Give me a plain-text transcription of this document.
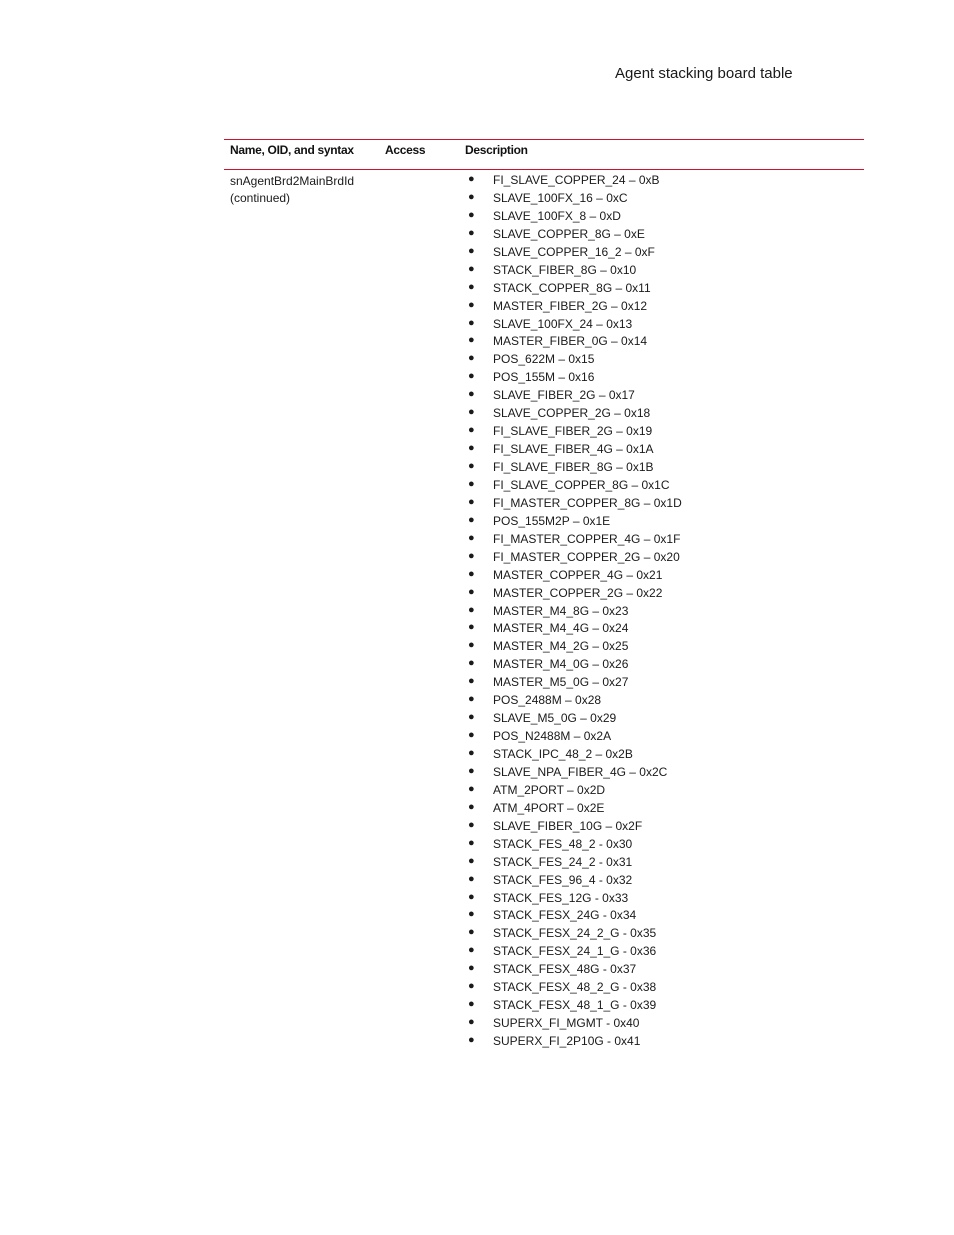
Agent stacking board table
Name, OID, and syntax	Access	Description
snAgentBrd2MainBrdId
(continued)
● FI_SLAVE_COPPER_24 – 0xB
● SLAVE_100FX_16 – 0xC
● SLAVE_100FX_8 – 0xD
● SLAVE_COPPER_8G – 0xE
● SLAVE_COPPER_16_2 – 0xF
● STACK_FIBER_8G – 0x10
● STACK_COPPER_8G – 0x11
● MASTER_FIBER_2G – 0x12
● SLAVE_100FX_24 – 0x13
● MASTER_FIBER_0G – 0x14
● POS_622M – 0x15
● POS_155M – 0x16
● SLAVE_FIBER_2G – 0x17
● SLAVE_COPPER_2G – 0x18
● FI_SLAVE_FIBER_2G – 0x19
● FI_SLAVE_FIBER_4G – 0x1A
● FI_SLAVE_FIBER_8G – 0x1B
● FI_SLAVE_COPPER_8G – 0x1C
● FI_MASTER_COPPER_8G – 0x1D
● POS_155M2P – 0x1E
● FI_MASTER_COPPER_4G – 0x1F
● FI_MASTER_COPPER_2G – 0x20
● MASTER_COPPER_4G – 0x21
● MASTER_COPPER_2G – 0x22
● MASTER_M4_8G – 0x23
● MASTER_M4_4G – 0x24
● MASTER_M4_2G – 0x25
● MASTER_M4_0G – 0x26
● MASTER_M5_0G – 0x27
● POS_2488M – 0x28
● SLAVE_M5_0G – 0x29
● POS_N2488M – 0x2A
● STACK_IPC_48_2 – 0x2B
● SLAVE_NPA_FIBER_4G – 0x2C
● ATM_2PORT – 0x2D
● ATM_4PORT – 0x2E
● SLAVE_FIBER_10G – 0x2F
● STACK_FES_48_2 - 0x30
● STACK_FES_24_2 - 0x31
● STACK_FES_96_4 - 0x32
● STACK_FES_12G - 0x33
● STACK_FESX_24G - 0x34
● STACK_FESX_24_2_G - 0x35
● STACK_FESX_24_1_G - 0x36
● STACK_FESX_48G - 0x37
● STACK_FESX_48_2_G - 0x38
● STACK_FESX_48_1_G - 0x39
● SUPERX_FI_MGMT - 0x40
● SUPERX_FI_2P10G - 0x41
